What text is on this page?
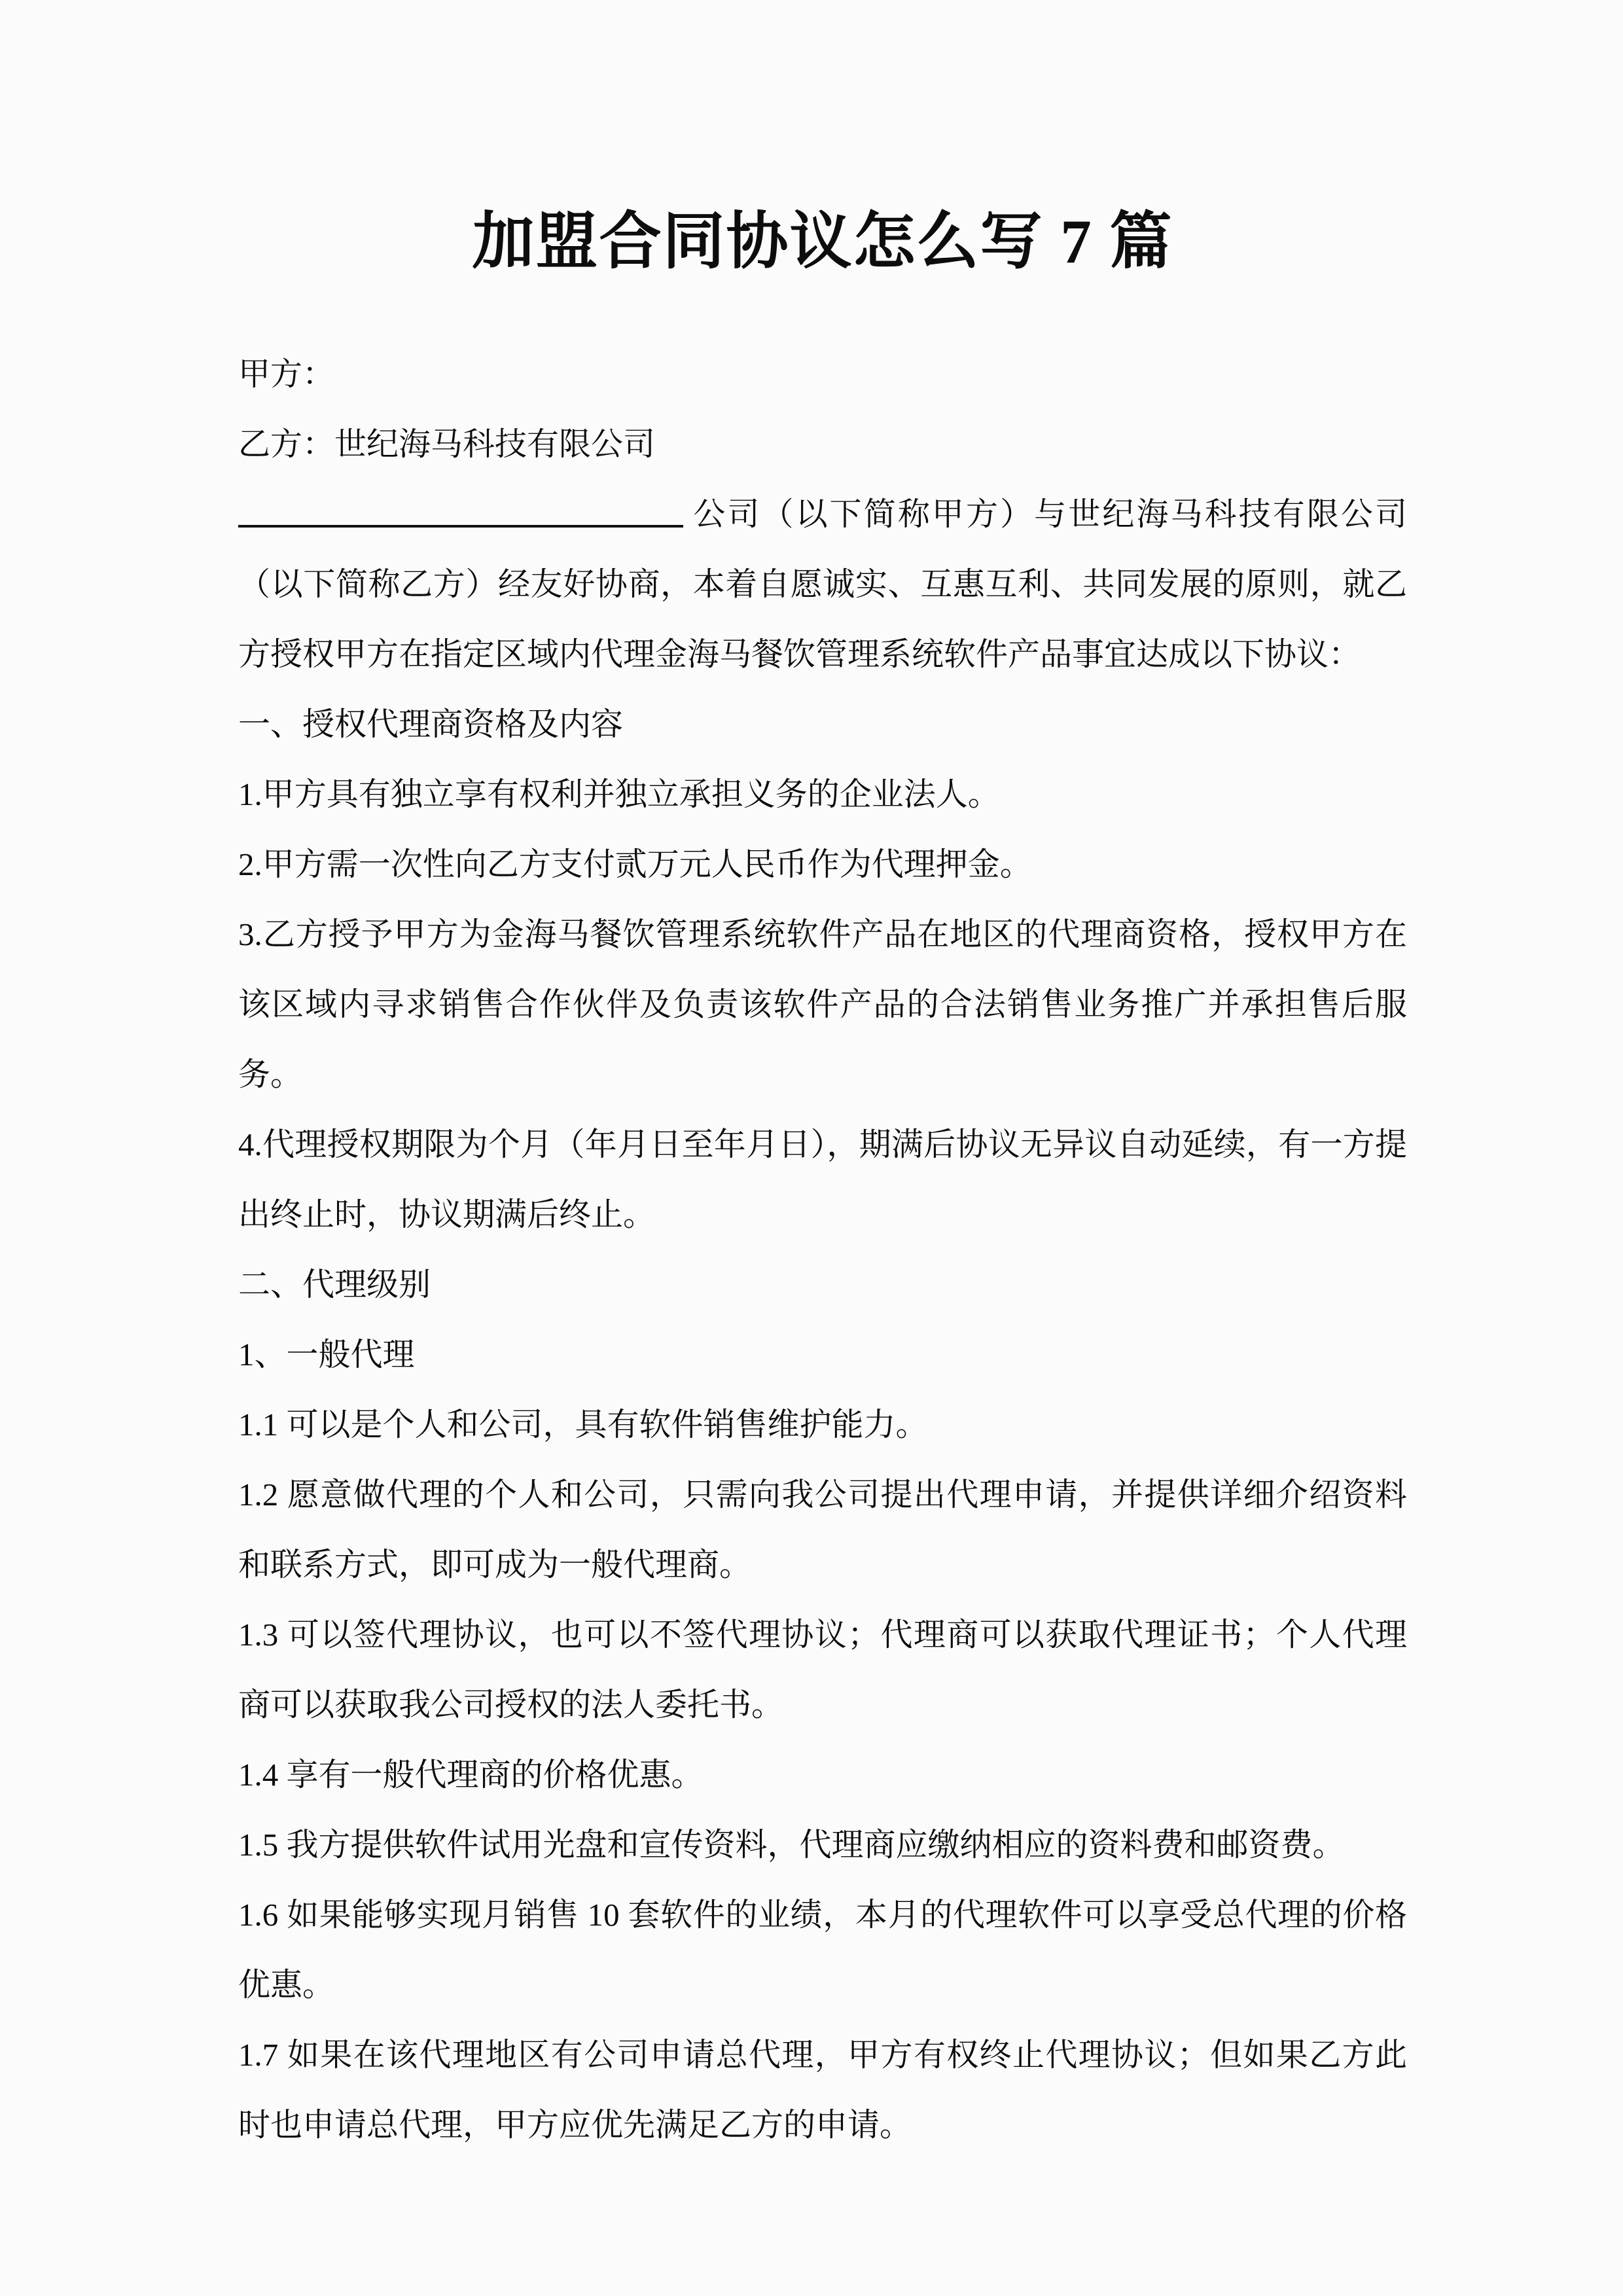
加盟合同协议怎么写 7 篇

甲方：

乙方：世纪海马科技有限公司

公司（以下简称甲方）与世纪海马科技有限公司（以下简称乙方）经友好协商，本着自愿诚实、互惠互利、共同发展的原则，就乙方授权甲方在指定区域内代理金海马餐饮管理系统软件产品事宜达成以下协议：

一、授权代理商资格及内容

1.甲方具有独立享有权利并独立承担义务的企业法人。

2.甲方需一次性向乙方支付贰万元人民币作为代理押金。

3.乙方授予甲方为金海马餐饮管理系统软件产品在地区的代理商资格，授权甲方在该区域内寻求销售合作伙伴及负责该软件产品的合法销售业务推广并承担售后服务。

4.代理授权期限为个月（年月日至年月日），期满后协议无异议自动延续，有一方提出终止时，协议期满后终止。

二、代理级别

1、一般代理

1.1 可以是个人和公司，具有软件销售维护能力。

1.2 愿意做代理的个人和公司，只需向我公司提出代理申请，并提供详细介绍资料和联系方式，即可成为一般代理商。

1.3 可以签代理协议，也可以不签代理协议；代理商可以获取代理证书；个人代理商可以获取我公司授权的法人委托书。

1.4 享有一般代理商的价格优惠。

1.5 我方提供软件试用光盘和宣传资料，代理商应缴纳相应的资料费和邮资费。

1.6 如果能够实现月销售 10 套软件的业绩，本月的代理软件可以享受总代理的价格优惠。

1.7 如果在该代理地区有公司申请总代理，甲方有权终止代理协议；但如果乙方此时也申请总代理，甲方应优先满足乙方的申请。
